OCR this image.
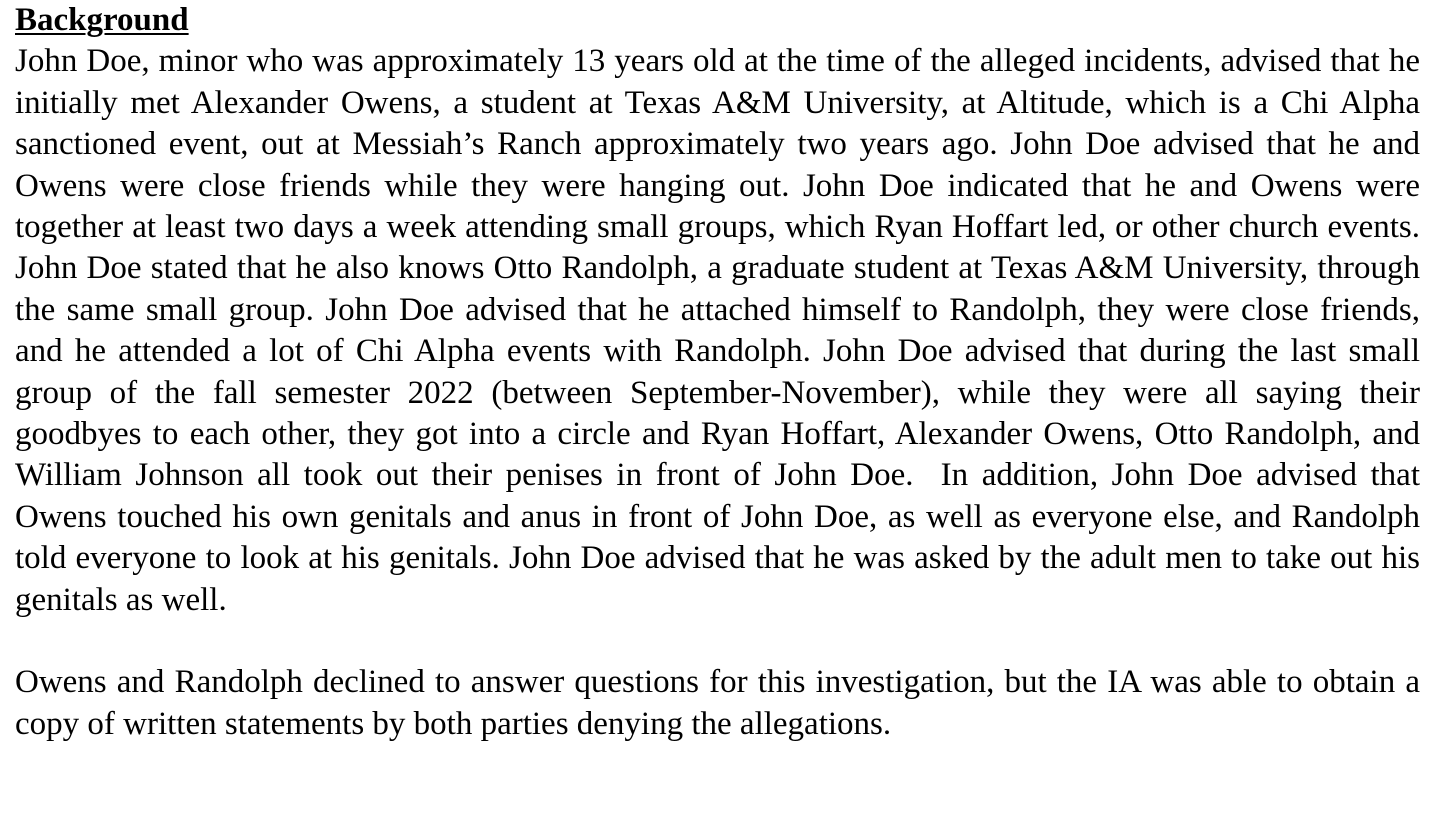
Background

John Doe, minor who was approximately 13 years old at the time of the alleged incidents, advised that he initially met Alexander Owens, a student at Texas A&M University, at Altitude, which is a Chi Alpha sanctioned event, out at Messiah’s Ranch approximately two years ago. John Doe advised that he and Owens were close friends while they were hanging out. John Doe indicated that he and Owens were together at least two days a week attending small groups, which Ryan Hoffart led, or other church events. John Doe stated that he also knows Otto Randolph, a graduate student at Texas A&M University, through the same small group. John Doe advised that he attached himself to Randolph, they were close friends, and he attended a lot of Chi Alpha events with Randolph. John Doe advised that during the last small group of the fall semester 2022 (between September-November), while they were all saying their goodbyes to each other, they got into a circle and Ryan Hoffart, Alexander Owens, Otto Randolph, and William Johnson all took out their penises in front of John Doe.  In addition, John Doe advised that Owens touched his own genitals and anus in front of John Doe, as well as everyone else, and Randolph told everyone to look at his genitals. John Doe advised that he was asked by the adult men to take out his genitals as well.

Owens and Randolph declined to answer questions for this investigation, but the IA was able to obtain a copy of written statements by both parties denying the allegations.
